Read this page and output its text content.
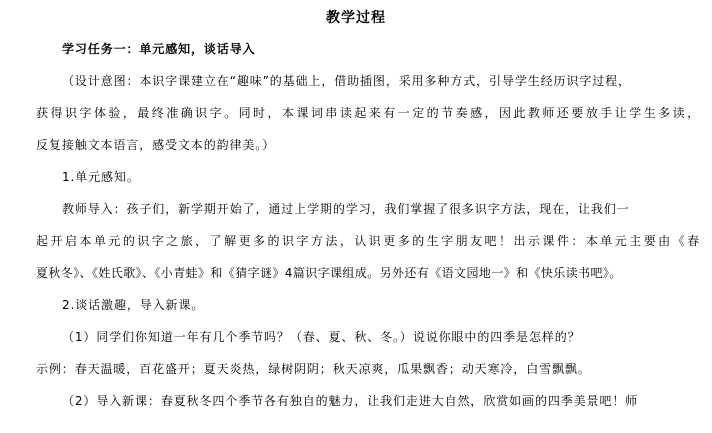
教学过程
学习任务一：单元感知，谈话导入
（设计意图：本识字课建立在“趣味”的基础上，借助插图，采用多种方式，引导学生经历识字过程，
获得识字体验，最终准确识字。同时，本课词串读起来有一定的节奏感，因此教师还要放手让学生多读，
反复接触文本语言，感受文本的韵律美。）
1.单元感知。
教师导入：孩子们，新学期开始了，通过上学期的学习，我们掌握了很多识字方法，现在，让我们一
起开启本单元的识字之旅，了解更多的识字方法，认识更多的生字朋友吧！出示课件：本单元主要由《春
夏秋冬》、《姓氏歌》、《小青蛙》和《猜字谜》4篇识字课组成。另外还有《语文园地一》和《快乐读书吧》。
2.谈话激趣，导入新课。
（1）同学们你知道一年有几个季节吗？（春、夏、秋、冬。）说说你眼中的四季是怎样的？
示例：春天温暖，百花盛开；夏天炎热，绿树阴阴；秋天凉爽，瓜果飘香；动天寒冷，白雪飘飘。
（2）导入新课：春夏秋冬四个季节各有独自的魅力，让我们走进大自然，欣赏如画的四季美景吧！师
